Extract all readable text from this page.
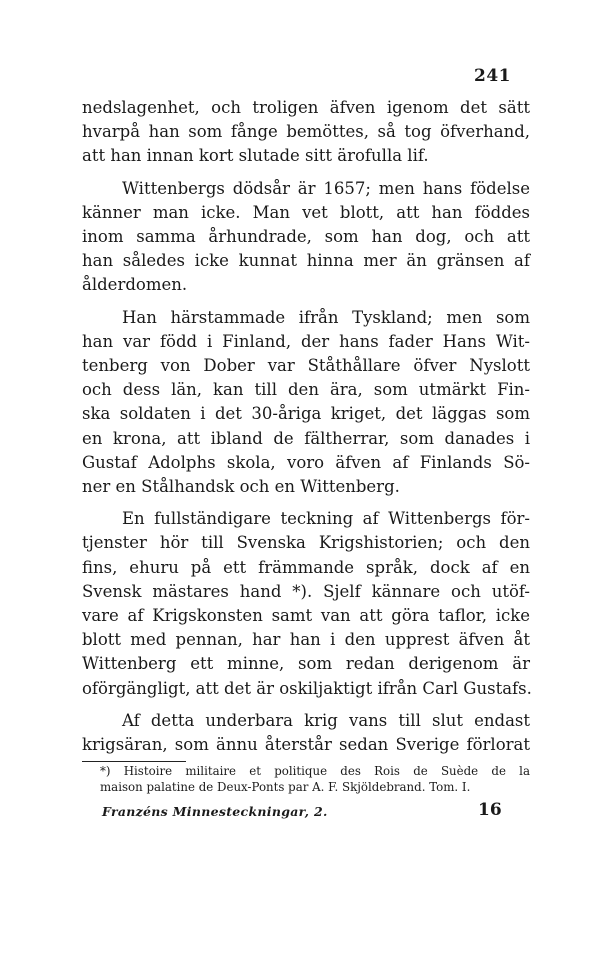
241

nedslagenhet, och troligen äfven igenom det sätt
hvarpå han som fånge bemöttes, så tog öfverhand,
att han innan kort slutade sitt ärofulla lif.

Wittenbergs dödsår är 1657; men hans födelse
känner man icke. Man vet blott, att han föddes
inom samma århundrade, som han dog, och att
han således icke kunnat hinna mer än gränsen af
ålderdomen.

Han härstammade ifrån Tyskland; men som
han var född i Finland, der hans fader Hans Wit-
tenberg von Dober var Ståthållare öfver Nyslott
och dess län, kan till den ära, som utmärkt Fin-
ska soldaten i det 30-åriga kriget, det läggas som
en krona, att ibland de fältherrar, som danades i
Gustaf Adolphs skola, voro äfven af Finlands Sö-
ner en Stålhandsk och en Wittenberg.

En fullständigare teckning af Wittenbergs för-
tjenster hör till Svenska Krigshistorien; och den
fins, ehuru på ett främmande språk, dock af en
Svensk mästares hand *). Sjelf kännare och utöf-
vare af Krigskonsten samt van att göra taflor, icke
blott med pennan, har han i den upprest äfven åt
Wittenberg ett minne, som redan derigenom är
oförgängligt, att det är oskiljaktigt ifrån Carl Gustafs.

Af detta underbara krig vans till slut endast
krigsäran, som ännu återstår sedan Sverige förlorat

*) Histoire militaire et politique des Rois de Suède de la
maison palatine de Deux-Ponts par A. F. Skjöldebrand. Tom. I.
Franzéns Minnesteckningar, 2.	16
